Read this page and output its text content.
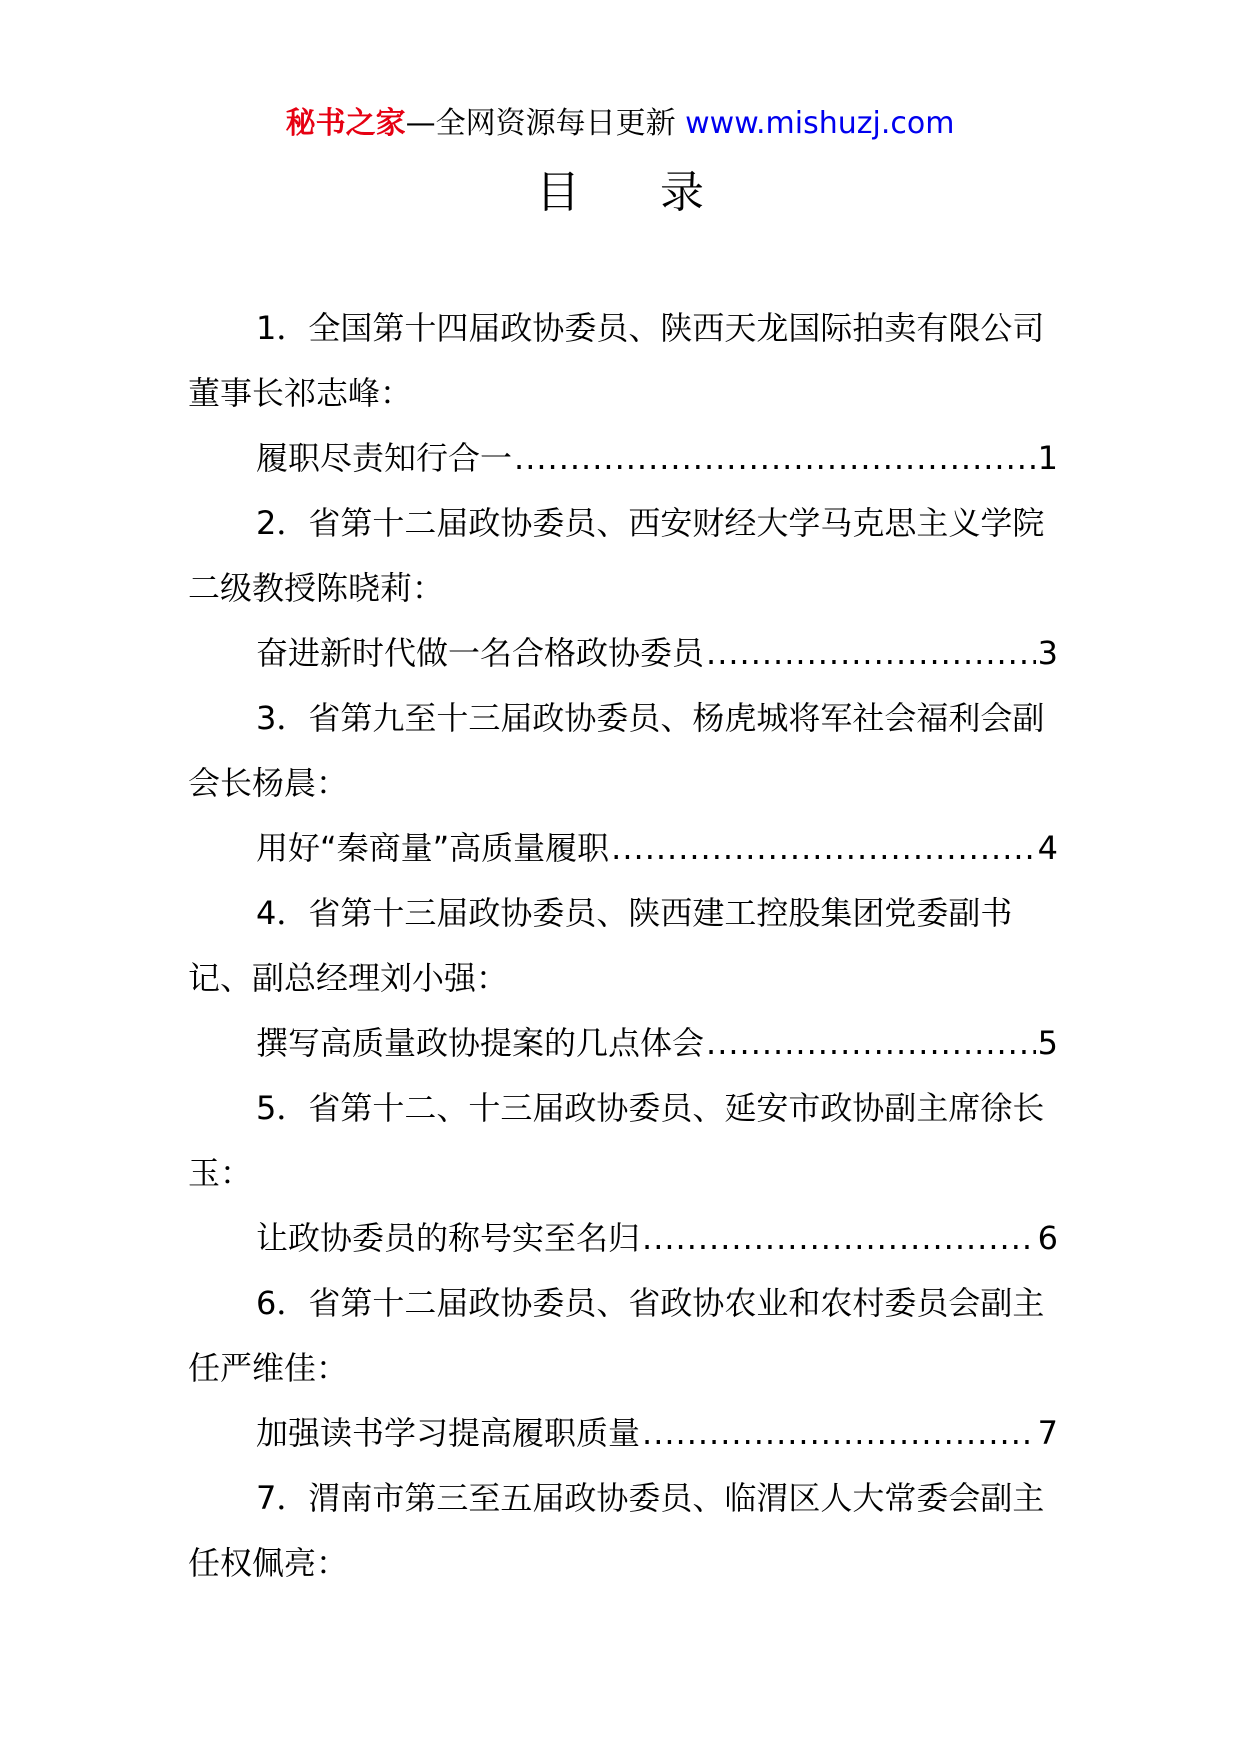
秘书之家—全网资源每日更新 www.mishuzj.com
目录

1．全国第十四届政协委员、陕西天龙国际拍卖有限公司董事长祁志峰：

履职尽责知行合一 .....	1

2．省第十二届政协委员、西安财经大学马克思主义学院二级教授陈晓莉：

奋进新时代做一名合格政协委员 .....	3

3．省第九至十三届政协委员、杨虎城将军社会福利会副会长杨晨：

用好“秦商量”高质量履职 .....	4

4．省第十三届政协委员、陕西建工控股集团党委副书记、副总经理刘小强：

撰写高质量政协提案的几点体会 .....	5

5．省第十二、十三届政协委员、延安市政协副主席徐长玉：

让政协委员的称号实至名归 .....	6

6．省第十二届政协委员、省政协农业和农村委员会副主任严维佳：

加强读书学习提高履职质量 .....	7

7．渭南市第三至五届政协委员、临渭区人大常委会副主任权佩亮：
